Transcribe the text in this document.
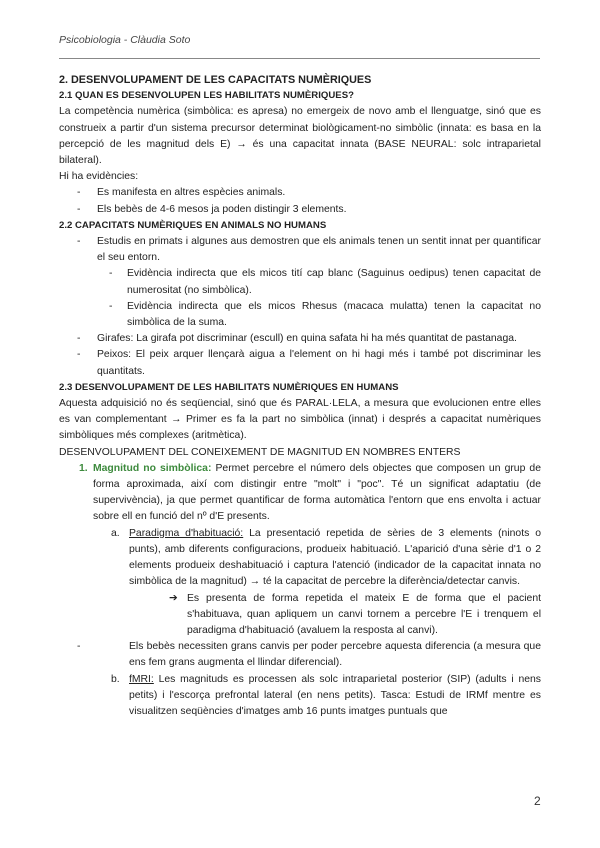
Psicobiologia - Clàudia Soto

2. DESENVOLUPAMENT DE LES CAPACITATS NUMÈRIQUES

2.1 QUAN ES DESENVOLUPEN LES HABILITATS NUMÈRIQUES?

La competència numèrica (simbòlica: es apresa) no emergeix de novo amb el llenguatge, sinó que es construeix a partir d'un sistema precursor determinat biològicament-no simbòlic (innata: es basa en la percepció de les magnitud dels E) → és una capacitat innata (BASE NEURAL: solc intraparietal bilateral).

Hi ha evidències:

- Es manifesta en altres espècies animals.

- Els bebès de 4-6 mesos ja poden distingir 3 elements.

2.2 CAPACITATS NUMÈRIQUES EN ANIMALS NO HUMANS

- Estudis en primats i algunes aus demostren que els animals tenen un sentit innat per quantificar el seu entorn.

- Evidència indirecta que els micos tití cap blanc (Saguinus oedipus) tenen capacitat de numerositat (no simbòlica).

- Evidència indirecta que els micos Rhesus (macaca mulatta) tenen la capacitat no simbòlica de la suma.

- Girafes: La girafa pot discriminar (escull) en quina safata hi ha més quantitat de pastanaga.

- Peixos: El peix arquer llençarà aigua a l'element on hi hagi més i també pot discriminar les quantitats.

2.3 DESENVOLUPAMENT DE LES HABILITATS NUMÈRIQUES EN HUMANS

Aquesta adquisició no és seqüencial, sinó que és PARAL·LELA, a mesura que evolucionen entre elles es van complementant → Primer es fa la part no simbòlica (innat) i després a capacitat numèriques simbòliques més complexes (aritmètica).

DESENVOLUPAMENT DEL CONEIXEMENT DE MAGNITUD EN NOMBRES ENTERS

1. Magnitud no simbòlica: Permet percebre el número dels objectes que composen un grup de forma aproximada, així com distingir entre "molt" i "poc". Té un significat adaptatiu (de supervivència), ja que permet quantificar de forma automàtica l'entorn que ens envolta i actuar sobre ell en funció del nº d'E presents.

a. Paradigma d'habituació: La presentació repetida de sèries de 3 elements (ninots o punts), amb diferents configuracions, produeix habituació. L'aparició d'una sèrie d'1 o 2 elements produeix deshabituació i captura l'atenció (indicador de la capacitat innata no simbòlica de la magnitud) → té la capacitat de percebre la diferència/detectar canvis.

➔ Es presenta de forma repetida el mateix E de forma que el pacient s'habituava, quan apliquem un canvi tornem a percebre l'E i trenquem el paradigma d'habituació (avaluem la resposta al canvi).

- Els bebès necessiten grans canvis per poder percebre aquesta diferencia (a mesura que ens fem grans augmenta el llindar diferencial).

b. fMRI: Les magnituds es processen als solc intraparietal posterior (SIP) (adults i nens petits) i l'escorça prefrontal lateral (en nens petits). Tasca: Estudi de IRMf mentre es visualitzen seqüències d'imatges amb 16 punts imatges puntuals que

2
